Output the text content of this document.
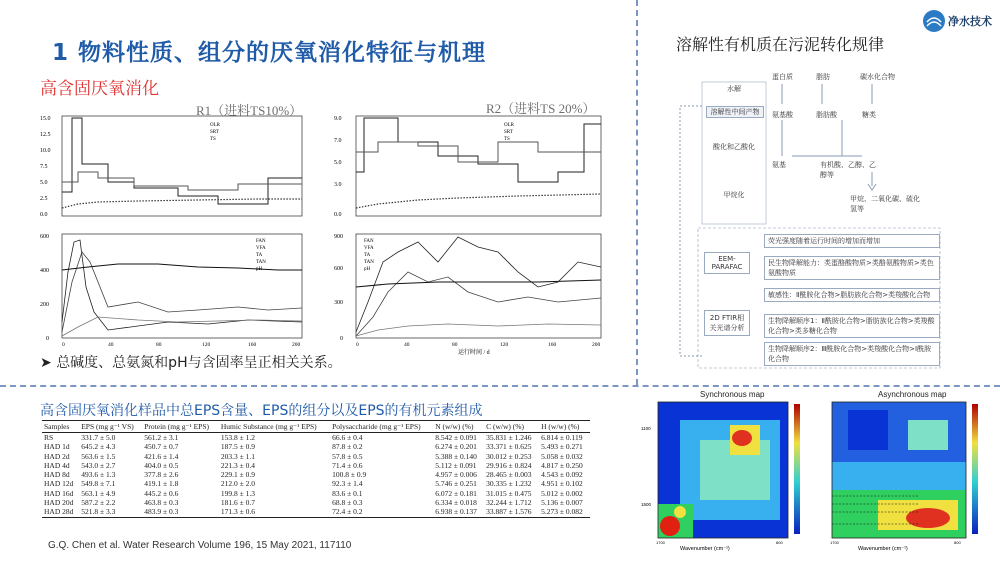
1 物料性质、组分的厌氧消化特征与机理
高含固厌氧消化
R1（进料TS10%）	R2（进料TS 20%）
15.0
12.5
10.0
7.5
5.0
2.5
0.0
OLR
SRT
TS
9.0
7.0
5.0
3.0
0.0
OLR
SRT
TS
600
400
200
0
FAN
VFA
TA
TAN
pH
900
600
300
0
FAN
VFA
TA
TAN
pH
0	40	80	120	160	200	0	40	80	120	160	200
运行时间 / d
➤ 总碱度、总氨氮和pH与含固率呈正相关关系。
溶解性有机质在污泥转化规律
净水技术
水解
溶解性中间产物
酸化和乙酸化
甲烷化
蛋白质	脂肪	碳水化合物
氨基酸	脂肪酸	糖类
氨基	有机酸、乙醇、乙醇等
甲烷、二氧化碳、硫化氢等
EEM-PARAFAC
2D FTIR相关光谱分析
荧光强度随着运行时间的增加而增加
民生物降解能力：类蛋酪酸物质>类酪氨酸物质>类色氨酸物质
敏感性：Ⅱ酰胺化合物>脂肪族化合物>类羧酸化合物
生物降解顺序1：Ⅱ酰胺化合物>脂肪族化合物>类羧酸化合物>类多糖化合物
生物降解顺序2：Ⅲ酰胺化合物>类羧酸化合物>Ⅰ酰胺化合物
高含固厌氧消化样品中总EPS含量、EPS的组分以及EPS的有机元素组成
Samples	EPS (mg g⁻¹ VS)	Protein (mg g⁻¹ EPS)	Humic Substance (mg g⁻¹ EPS)	Polysaccharide (mg g⁻¹ EPS)	N (w/w) (%)	C (w/w) (%)	H (w/w) (%)
RS	331.7 ± 5.0	561.2 ± 3.1	153.8 ± 1.2	66.6 ± 0.4	8.542 ± 0.091	35.831 ± 1.246	6.814 ± 0.119
HAD 1d	645.2 ± 4.3	450.7 ± 0.7	187.5 ± 0.9	87.8 ± 0.2	6.274 ± 0.201	33.371 ± 0.625	5.493 ± 0.271
HAD 2d	563.6 ± 1.5	421.6 ± 1.4	203.3 ± 1.1	57.8 ± 0.5	5.388 ± 0.140	30.012 ± 0.253	5.058 ± 0.032
HAD 4d	543.0 ± 2.7	404.0 ± 0.5	221.3 ± 0.4	71.4 ± 0.6	5.112 ± 0.091	29.916 ± 0.824	4.817 ± 0.250
HAD 8d	493.6 ± 1.3	377.8 ± 2.6	229.1 ± 0.9	100.8 ± 0.9	4.957 ± 0.006	28.465 ± 0.003	4.543 ± 0.092
HAD 12d	549.8 ± 7.1	419.1 ± 1.8	212.0 ± 2.0	92.3 ± 1.4	5.746 ± 0.251	30.335 ± 1.232	4.951 ± 0.102
HAD 16d	563.1 ± 4.9	445.2 ± 0.6	199.8 ± 1.3	83.6 ± 0.1	6.072 ± 0.181	31.015 ± 0.475	5.012 ± 0.002
HAD 20d	587.2 ± 2.2	463.8 ± 0.3	181.6 ± 0.7	68.8 ± 0.3	6.334 ± 0.018	32.244 ± 1.712	5.136 ± 0.007
HAD 28d	521.8 ± 3.3	483.9 ± 0.3	171.3 ± 0.6	72.4 ± 0.2	6.938 ± 0.137	33.887 ± 1.576	5.273 ± 0.082
G.Q. Chen et al. Water Research Volume 196, 15 May 2021, 117110
Synchronous map
Wavenumber (cm⁻¹)
1500
1100
1700	800
Asynchronous map
Wavenumber (cm⁻¹)
1700	800
